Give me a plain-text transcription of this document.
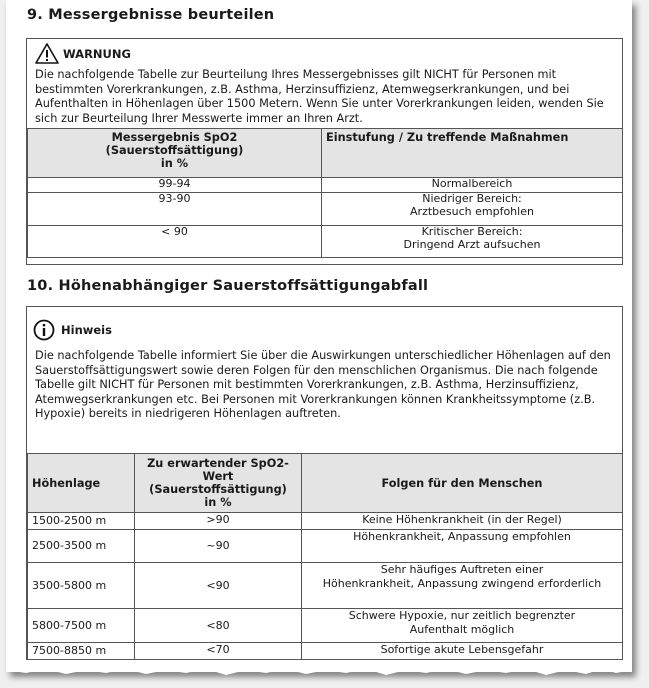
9. Messergebnisse beurteilen
WARNUNG
Die nachfolgende Tabelle zur Beurteilung Ihres Messergebnisses gilt NICHT für Personen mit bestimmten Vorerkrankungen, z.B. Asthma, Herzinsuffizienz, Atemwegserkrankungen, und bei Aufenthalten in Höhenlagen über 1500 Metern. Wenn Sie unter Vorerkrankungen leiden, wenden Sie sich zur Beurteilung Ihrer Messwerte immer an Ihren Arzt.
Messergebnis SpO2 (Sauerstoffsättigung) in %	Einstufung / Zu treffende Maßnahmen
99-94	Normalbereich

93-90	Niedriger Bereich:
Arztbesuch empfohlen

< 90	Kritischer Bereich:
Dringend Arzt aufsuchen
10. Höhenabhängiger Sauerstoffsättigungabfall
Hinweis
Die nachfolgende Tabelle informiert Sie über die Auswirkungen unterschiedlicher Höhenlagen auf den Sauerstoffsättigungswert sowie deren Folgen für den menschlichen Organismus. Die nach folgende Tabelle gilt NICHT für Personen mit bestimmten Vorerkrankungen, z.B. Asthma, Herzinsuffizienz, Atemwegserkrankungen etc. Bei Personen mit Vorerkrankungen können Krankheitssymptome (z.B. Hypoxie) bereits in niedrigeren Höhenlagen auftreten.
Höhenlage	Zu erwartender SpO2-Wert (Sauerstoffsättigung) in %	Folgen für den Menschen
1500-2500 m	>90	Keine Höhenkrankheit (in der Regel)

2500-3500 m	~90	Höhenkrankheit, Anpassung empfohlen

3500-5800 m	<90	Sehr häufiges Auftreten einer
Höhenkrankheit, Anpassung zwingend erforderlich

5800-7500 m	<80	Schwere Hypoxie, nur zeitlich begrenzter
Aufenthalt möglich

7500-8850 m	<70	Sofortige akute Lebensgefahr
